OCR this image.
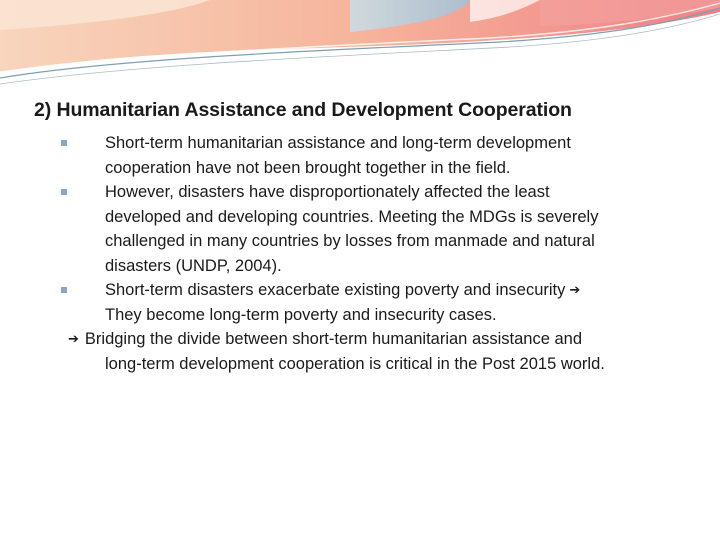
2) Humanitarian Assistance and Development Cooperation
Short-term humanitarian assistance and long-term development
cooperation have not been brought together in the field.
However, disasters have disproportionately affected the least
developed and developing countries. Meeting the MDGs is severely
challenged in many countries by losses from manmade and natural
disasters (UNDP, 2004).
Short-term disasters exacerbate existing poverty and insecurity ➔
They become long-term poverty and insecurity cases.
➔ Bridging the divide between short-term humanitarian assistance and
long-term development cooperation is critical in the Post 2015 world.
